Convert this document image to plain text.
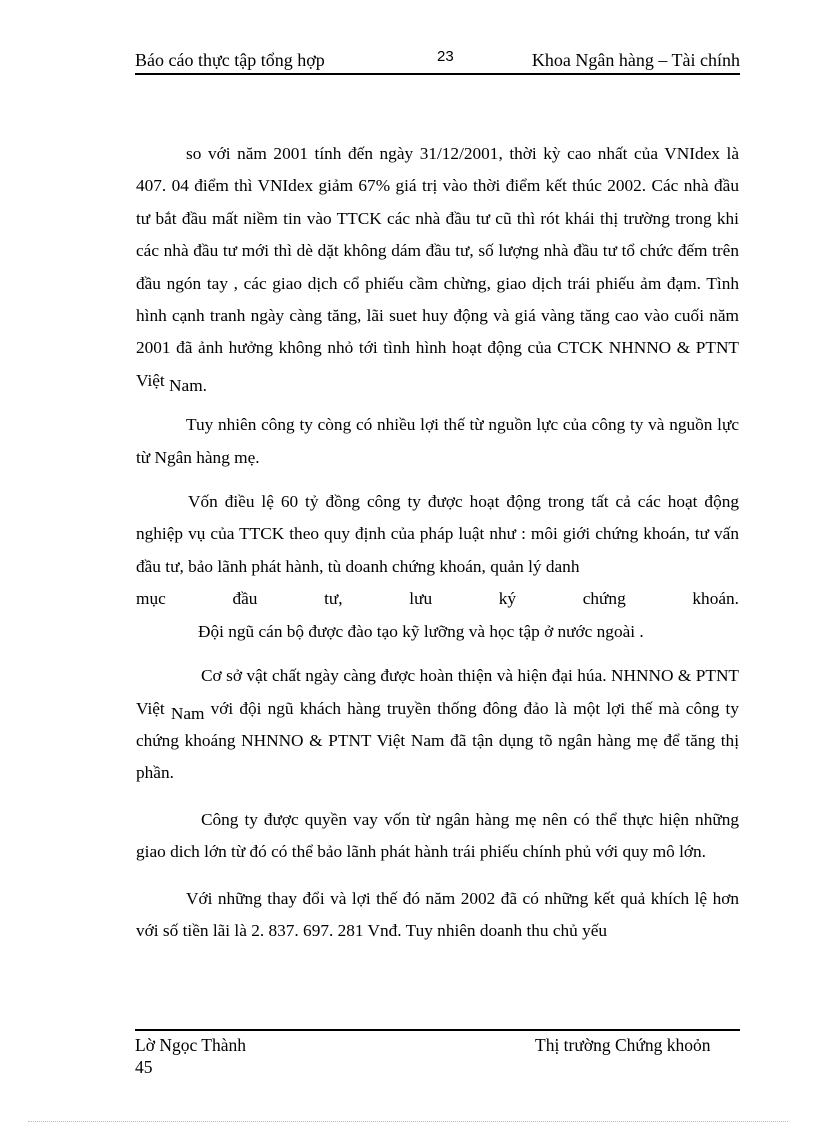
Báo cáo thực tập tổng hợp	23	Khoa Ngân hàng – Tài chính

so với năm 2001 tính đến ngày 31/12/2001, thời kỳ cao nhất của VNIdex là 407. 04 điểm thì VNIdex giảm 67% giá trị vào thời điểm kết thúc 2002. Các nhà đầu tư bắt đầu mất niềm tin vào TTCK các nhà đầu tư cũ thì rót khái thị trường trong khi các nhà đầu tư mới thì dè dặt không dám đầu tư, số lượng nhà đầu tư tổ chức đếm trên đầu ngón tay , các giao dịch cổ phiếu cầm chừng, giao dịch trái phiếu ảm đạm. Tình hình cạnh tranh ngày càng tăng, lãi suet huy động và giá vàng tăng cao vào cuối năm 2001 đã ảnh hưởng không nhỏ tới tình hình hoạt động của CTCK NHNNO & PTNT Việt Nam.

Tuy nhiên công ty còng có nhiều lợi thế từ nguồn lực của công ty và nguồn lực từ Ngân hàng mẹ.

Vốn điều lệ 60 tỷ đồng công ty được hoạt động trong tất cả các hoạt động nghiệp vụ của TTCK theo quy định của pháp luật như : môi giới chứng khoán, tư vấn đầu tư, bảo lãnh phát hành, tù doanh chứng khoán, quản lý danh

mục	đầu	tư,	lưu	ký	chứng	khoán.

Đội ngũ cán bộ được đào tạo kỹ lưỡng và học tập ở nước ngoài .

Cơ sở vật chất ngày càng được hoàn thiện và hiện đại húa. NHNNO & PTNT Việt Nam với đội ngũ khách hàng truyền thống đông đảo là một lợi thế mà công ty chứng khoáng NHNNO & PTNT Việt Nam đã tận dụng tõ ngân hàng mẹ để tăng thị phần.

Công ty được quyền vay vốn từ ngân hàng mẹ nên có thể thực hiện những giao dich lớn từ đó có thể bảo lãnh phát hành trái phiếu chính phủ với quy mô lớn.

Với những thay đổi và lợi thế đó năm 2002 đã có những kết quả khích lệ hơn với số tiền lãi là 2. 837. 697. 281 Vnđ. Tuy nhiên doanh thu chủ yếu

Lờ Ngọc Thành	Thị trường Chứng khoỏn
45
